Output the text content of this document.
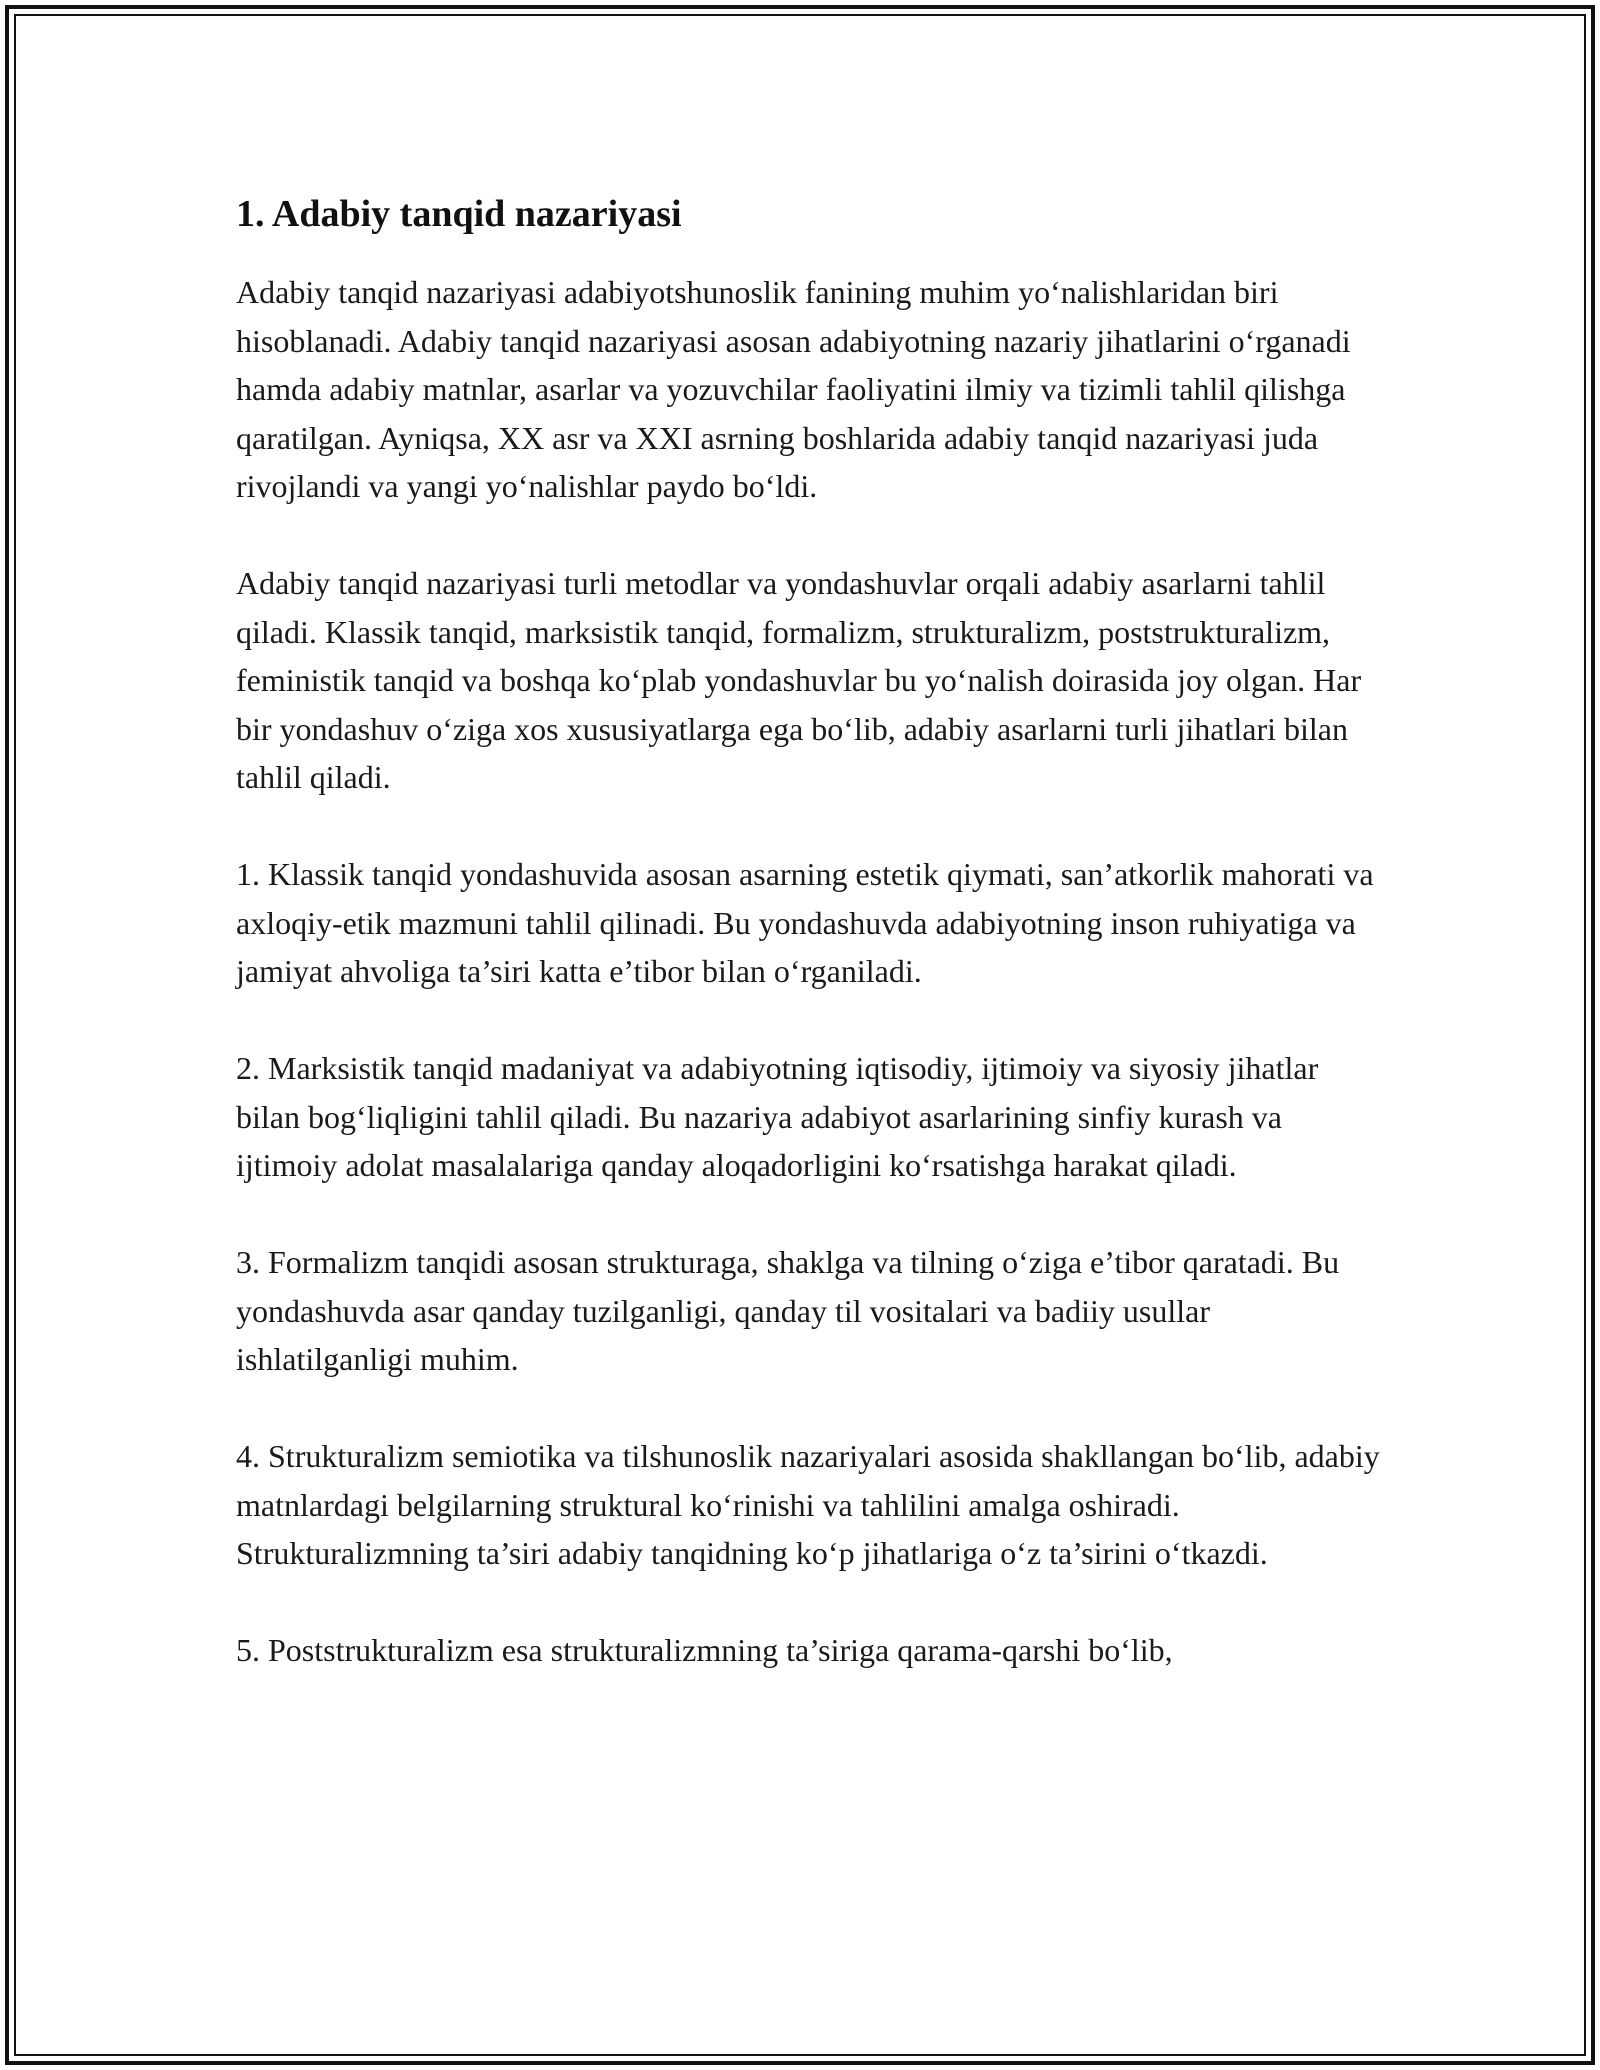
1. Adabiy tanqid nazariyasi

Adabiy tanqid nazariyasi adabiyotshunoslik fanining muhim yo‘nalishlaridan biri hisoblanadi. Adabiy tanqid nazariyasi asosan adabiyotning nazariy jihatlarini o‘rganadi hamda adabiy matnlar, asarlar va yozuvchilar faoliyatini ilmiy va tizimli tahlil qilishga qaratilgan. Ayniqsa, XX asr va XXI asrning boshlarida adabiy tanqid nazariyasi juda rivojlandi va yangi yo‘nalishlar paydo bo‘ldi.

Adabiy tanqid nazariyasi turli metodlar va yondashuvlar orqali adabiy asarlarni tahlil qiladi. Klassik tanqid, marksistik tanqid, formalizm, strukturalizm, poststrukturalizm, feministik tanqid va boshqa ko‘plab yondashuvlar bu yo‘nalish doirasida joy olgan. Har bir yondashuv o‘ziga xos xususiyatlarga ega bo‘lib, adabiy asarlarni turli jihatlari bilan tahlil qiladi.

1. Klassik tanqid yondashuvida asosan asarning estetik qiymati, san’atkorlik mahorati va axloqiy-etik mazmuni tahlil qilinadi. Bu yondashuvda adabiyotning inson ruhiyatiga va jamiyat ahvoliga ta’siri katta e’tibor bilan o‘rganiladi.

2. Marksistik tanqid madaniyat va adabiyotning iqtisodiy, ijtimoiy va siyosiy jihatlar bilan bog‘liqligini tahlil qiladi. Bu nazariya adabiyot asarlarining sinfiy kurash va ijtimoiy adolat masalalariga qanday aloqadorligini ko‘rsatishga harakat qiladi.

3. Formalizm tanqidi asosan strukturaga, shaklga va tilning o‘ziga e’tibor qaratadi. Bu yondashuvda asar qanday tuzilganligi, qanday til vositalari va badiiy usullar ishlatilganligi muhim.

4. Strukturalizm semiotika va tilshunoslik nazariyalari asosida shakllangan bo‘lib, adabiy matnlardagi belgilarning struktural ko‘rinishi va tahlilini amalga oshiradi. Strukturalizmning ta’siri adabiy tanqidning ko‘p jihatlariga o‘z ta’sirini o‘tkazdi.

5. Poststrukturalizm esa strukturalizmning ta’siriga qarama-qarshi bo‘lib,
